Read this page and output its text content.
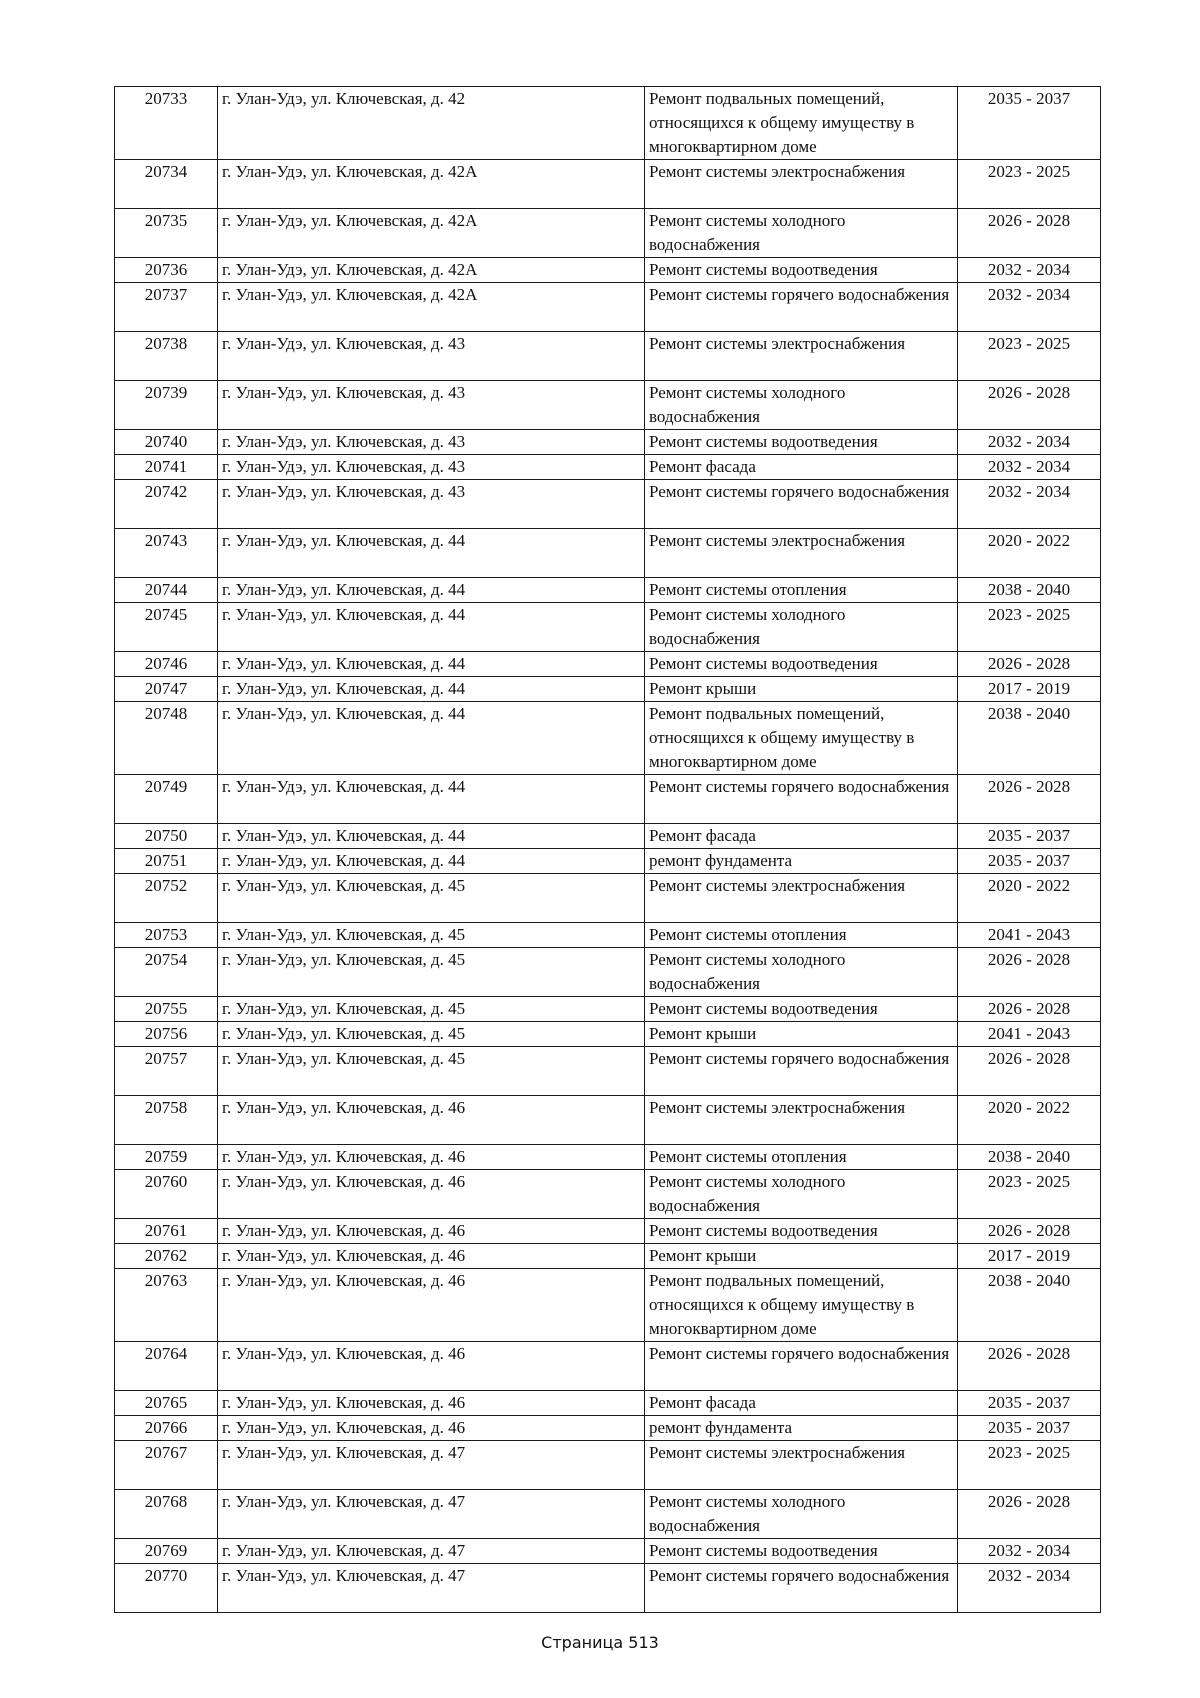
20733	г. Улан-Удэ, ул. Ключевская, д. 42	Ремонт подвальных помещений, относящихся к общему имуществу в многоквартирном доме	2035 - 2037
20734	г. Улан-Удэ, ул. Ключевская, д. 42А	Ремонт системы электроснабжения	2023 - 2025
20735	г. Улан-Удэ, ул. Ключевская, д. 42А	Ремонт системы холодного водоснабжения	2026 - 2028
20736	г. Улан-Удэ, ул. Ключевская, д. 42А	Ремонт системы водоотведения	2032 - 2034
20737	г. Улан-Удэ, ул. Ключевская, д. 42А	Ремонт системы горячего водоснабжения	2032 - 2034
20738	г. Улан-Удэ, ул. Ключевская, д. 43	Ремонт системы электроснабжения	2023 - 2025
20739	г. Улан-Удэ, ул. Ключевская, д. 43	Ремонт системы холодного водоснабжения	2026 - 2028
20740	г. Улан-Удэ, ул. Ключевская, д. 43	Ремонт системы водоотведения	2032 - 2034
20741	г. Улан-Удэ, ул. Ключевская, д. 43	Ремонт фасада	2032 - 2034
20742	г. Улан-Удэ, ул. Ключевская, д. 43	Ремонт системы горячего водоснабжения	2032 - 2034
20743	г. Улан-Удэ, ул. Ключевская, д. 44	Ремонт системы электроснабжения	2020 - 2022
20744	г. Улан-Удэ, ул. Ключевская, д. 44	Ремонт системы отопления	2038 - 2040
20745	г. Улан-Удэ, ул. Ключевская, д. 44	Ремонт системы холодного водоснабжения	2023 - 2025
20746	г. Улан-Удэ, ул. Ключевская, д. 44	Ремонт системы водоотведения	2026 - 2028
20747	г. Улан-Удэ, ул. Ключевская, д. 44	Ремонт крыши	2017 - 2019
20748	г. Улан-Удэ, ул. Ключевская, д. 44	Ремонт подвальных помещений, относящихся к общему имуществу в многоквартирном доме	2038 - 2040
20749	г. Улан-Удэ, ул. Ключевская, д. 44	Ремонт системы горячего водоснабжения	2026 - 2028
20750	г. Улан-Удэ, ул. Ключевская, д. 44	Ремонт фасада	2035 - 2037
20751	г. Улан-Удэ, ул. Ключевская, д. 44	ремонт фундамента	2035 - 2037
20752	г. Улан-Удэ, ул. Ключевская, д. 45	Ремонт системы электроснабжения	2020 - 2022
20753	г. Улан-Удэ, ул. Ключевская, д. 45	Ремонт системы отопления	2041 - 2043
20754	г. Улан-Удэ, ул. Ключевская, д. 45	Ремонт системы холодного водоснабжения	2026 - 2028
20755	г. Улан-Удэ, ул. Ключевская, д. 45	Ремонт системы водоотведения	2026 - 2028
20756	г. Улан-Удэ, ул. Ключевская, д. 45	Ремонт крыши	2041 - 2043
20757	г. Улан-Удэ, ул. Ключевская, д. 45	Ремонт системы горячего водоснабжения	2026 - 2028
20758	г. Улан-Удэ, ул. Ключевская, д. 46	Ремонт системы электроснабжения	2020 - 2022
20759	г. Улан-Удэ, ул. Ключевская, д. 46	Ремонт системы отопления	2038 - 2040
20760	г. Улан-Удэ, ул. Ключевская, д. 46	Ремонт системы холодного водоснабжения	2023 - 2025
20761	г. Улан-Удэ, ул. Ключевская, д. 46	Ремонт системы водоотведения	2026 - 2028
20762	г. Улан-Удэ, ул. Ключевская, д. 46	Ремонт крыши	2017 - 2019
20763	г. Улан-Удэ, ул. Ключевская, д. 46	Ремонт подвальных помещений, относящихся к общему имуществу в многоквартирном доме	2038 - 2040
20764	г. Улан-Удэ, ул. Ключевская, д. 46	Ремонт системы горячего водоснабжения	2026 - 2028
20765	г. Улан-Удэ, ул. Ключевская, д. 46	Ремонт фасада	2035 - 2037
20766	г. Улан-Удэ, ул. Ключевская, д. 46	ремонт фундамента	2035 - 2037
20767	г. Улан-Удэ, ул. Ключевская, д. 47	Ремонт системы электроснабжения	2023 - 2025
20768	г. Улан-Удэ, ул. Ключевская, д. 47	Ремонт системы холодного водоснабжения	2026 - 2028
20769	г. Улан-Удэ, ул. Ключевская, д. 47	Ремонт системы водоотведения	2032 - 2034
20770	г. Улан-Удэ, ул. Ключевская, д. 47	Ремонт системы горячего водоснабжения	2032 - 2034
Страница 513
